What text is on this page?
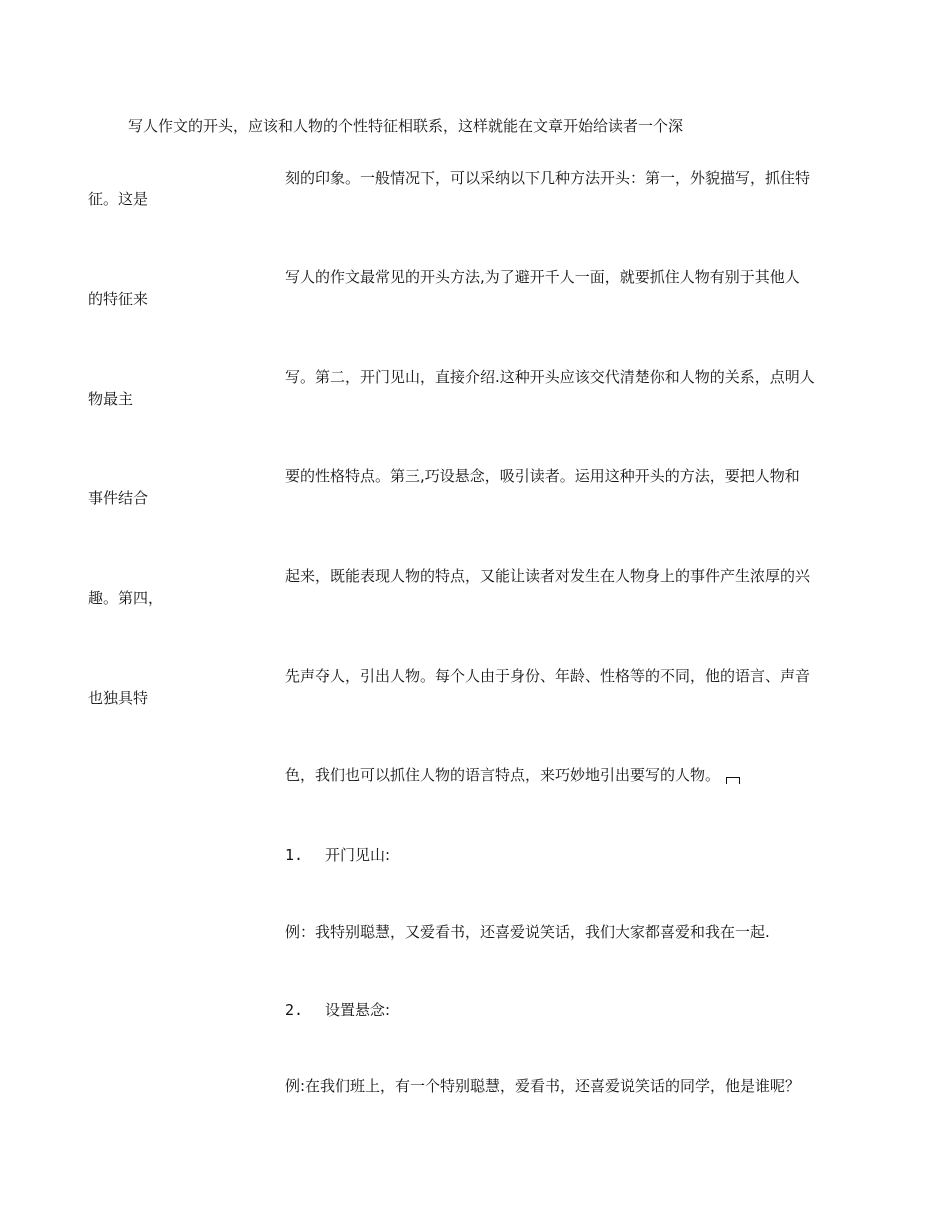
写人作文的开头，应该和人物的个性特征相联系，这样就能在文章开始给读者一个深
刻的印象。一般情况下，可以采纳以下几种方法开头：第一，外貌描写，抓住特
征。这是
写人的作文最常见的开头方法,为了避开千人一面，就要抓住人物有别于其他人
的特征来
写。第二，开门见山，直接介绍.这种开头应该交代清楚你和人物的关系，点明人
物最主
要的性格特点。第三,巧设悬念，吸引读者。运用这种开头的方法，要把人物和
事件结合
起来，既能表现人物的特点，又能让读者对发生在人物身上的事件产生浓厚的兴
趣。第四，
先声夺人，引出人物。每个人由于身份、年龄、性格等的不同，他的语言、声音
也独具特
色，我们也可以抓住人物的语言特点，来巧妙地引出要写的人物。
1. 开门见山:
例：我特别聪慧，又爱看书，还喜爱说笑话，我们大家都喜爱和我在一起.
2. 设置悬念:
例:在我们班上，有一个特别聪慧，爱看书，还喜爱说笑话的同学，他是谁呢？
